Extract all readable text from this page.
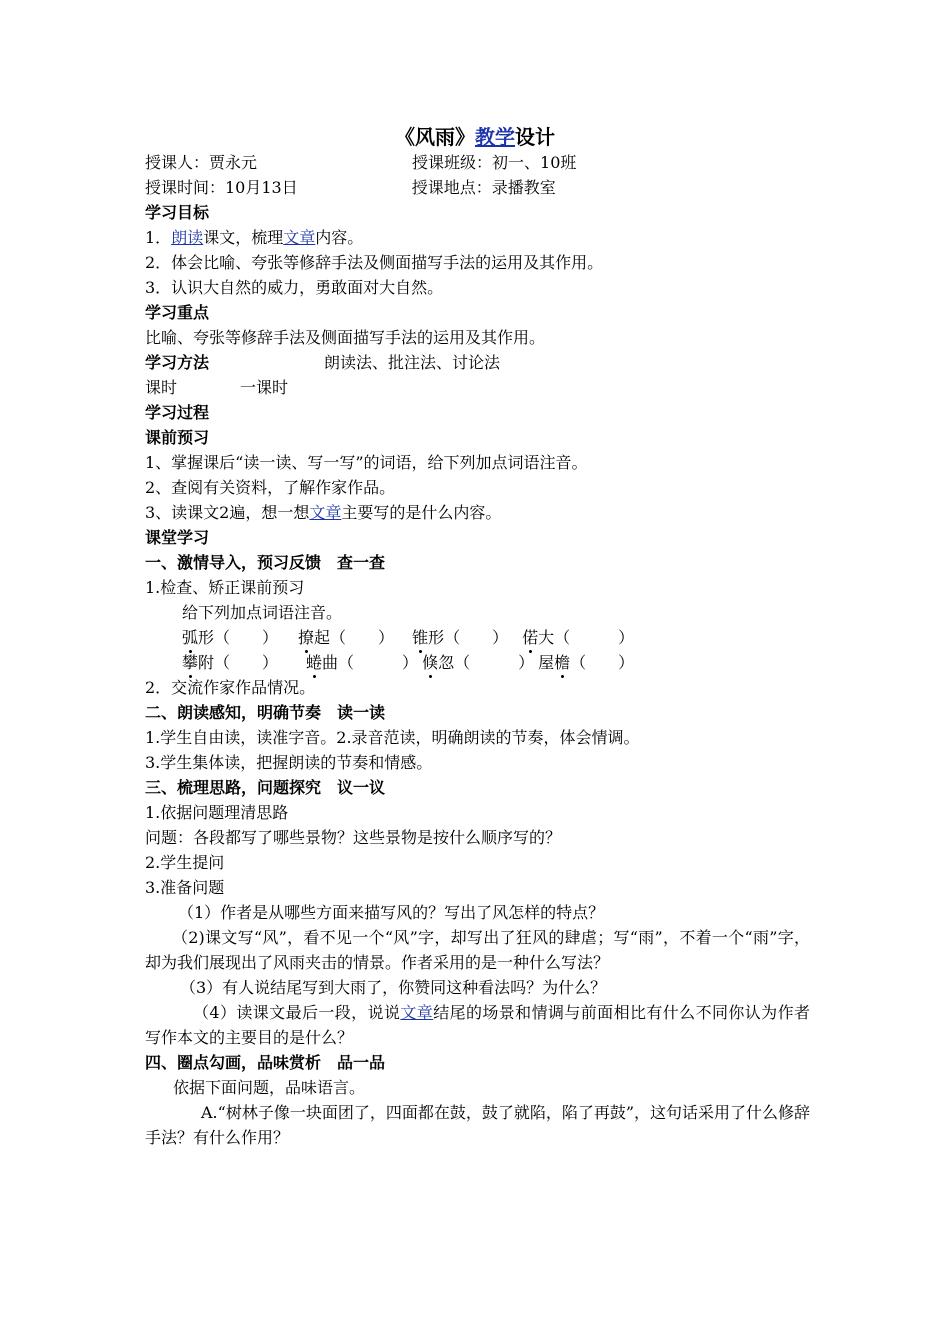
《风雨》教学设计
授课人：贾永元	授课班级：初一、10班
授课时间：10月13日	授课地点：录播教室
学习目标
1．朗读课文，梳理文章内容。
2．体会比喻、夸张等修辞手法及侧面描写手法的运用及其作用。
3．认识大自然的威力，勇敢面对大自然。
学习重点
比喻、夸张等修辞手法及侧面描写手法的运用及其作用。
学习方法	朗读法、批注法、讨论法
课时	一课时
学习过程
课前预习
1、掌握课后“读一读、写一写”的词语，给下列加点词语注音。
2、查阅有关资料，了解作家作品。
3、读课文2遍，想一想文章主要写的是什么内容。
课堂学习
一、激情导入，预习反馈　查一查
1.检查、矫正课前预习
给下列加点词语注音。
弧形（　　） 撩起（　　） 锥形（　　） 偌大（　　　）
攀附（　　） 蜷曲（　　　） 倏忽（　　　） 屋檐（　　）
2．交流作家作品情况。
二、朗读感知，明确节奏　读一读
1.学生自由读，读准字音。2.录音范读，明确朗读的节奏，体会情调。
3.学生集体读，把握朗读的节奏和情感。
三、梳理思路，问题探究　议一议
1.依据问题理清思路
问题：各段都写了哪些景物？这些景物是按什么顺序写的？
2.学生提问
3.准备问题
（1）作者是从哪些方面来描写风的？写出了风怎样的特点？
（2)课文写“风”，看不见一个“风”字，却写出了狂风的肆虐；写“雨”，不着一个“雨”字，却为我们展现出了风雨夹击的情景。作者采用的是一种什么写法？
（3）有人说结尾写到大雨了，你赞同这种看法吗？为什么？
（4）读课文最后一段，说说文章结尾的场景和情调与前面相比有什么不同你认为作者写作本文的主要目的是什么？
四、圈点勾画，品味赏析　品一品
依据下面问题，品味语言。
A.“树林子像一块面团了，四面都在鼓，鼓了就陷，陷了再鼓”，这句话采用了什么修辞手法？有什么作用？
